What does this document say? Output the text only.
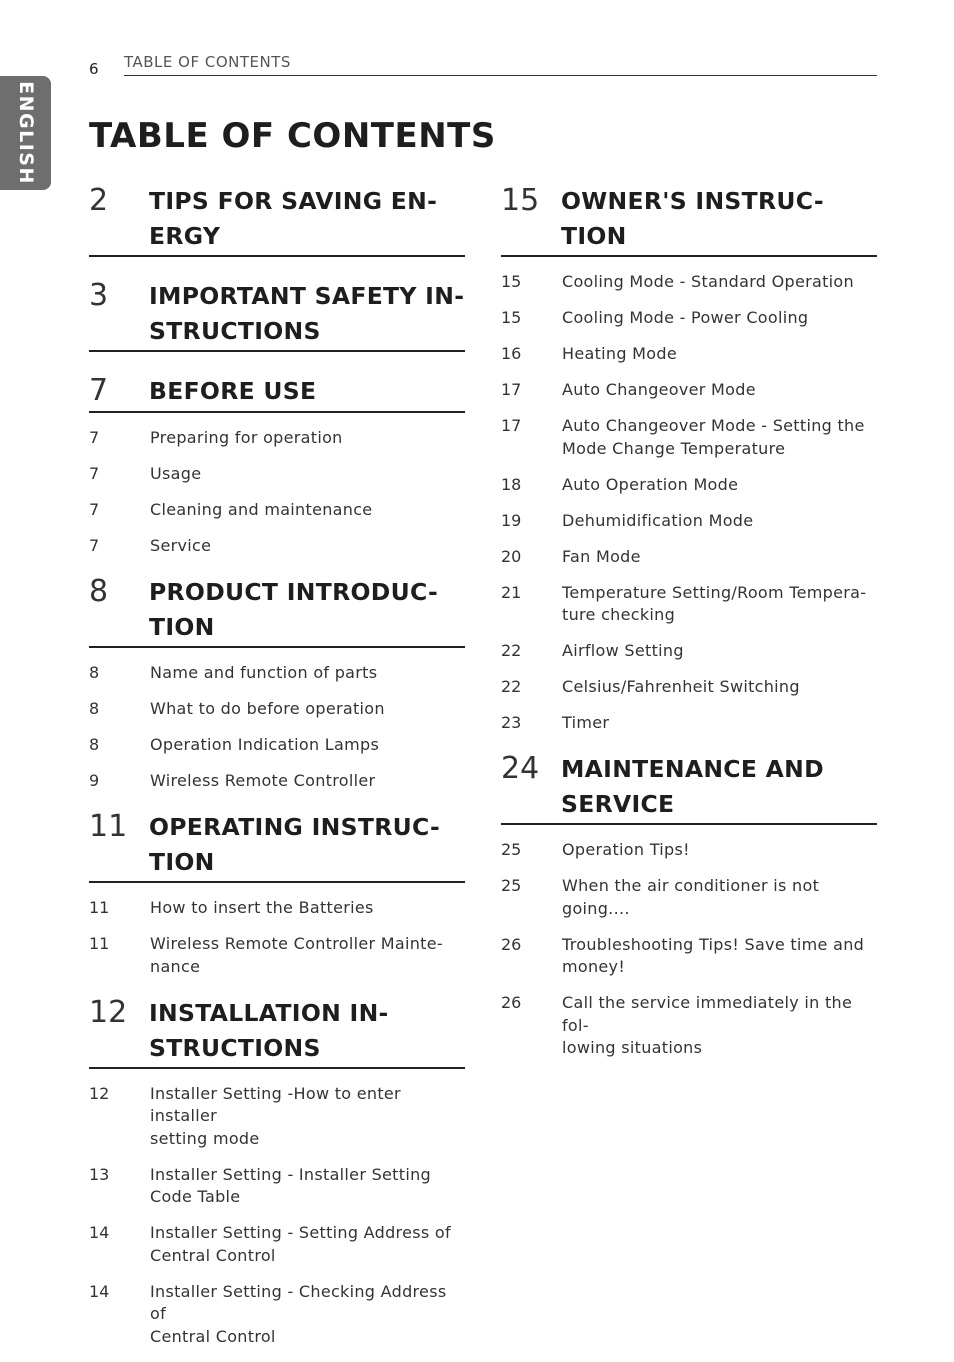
ENGLISH
6 TABLE OF CONTENTS
TABLE OF CONTENTS
2	TIPS FOR SAVING EN-
ERGY
3	IMPORTANT SAFETY IN-
STRUCTIONS
7	BEFORE USE
7	Preparing for operation
7	Usage
7	Cleaning and maintenance
7	Service
8	PRODUCT INTRODUC-
TION
8	Name and function of parts
8	What to do before operation
8	Operation Indication Lamps
9	Wireless Remote Controller
11 OPERATING INSTRUC-
TION
11	How to insert the Batteries
11	Wireless Remote Controller Mainte-
nance
12 INSTALLATION IN-
STRUCTIONS
12	Installer Setting -How to enter installer
setting mode
13	Installer Setting - Installer Setting
Code Table
14	Installer Setting - Setting Address of
Central Control
14	Installer Setting - Checking Address of
Central Control
15 OWNER'S INSTRUC-
TION
15	Cooling Mode - Standard Operation
15	Cooling Mode - Power Cooling
16	Heating Mode
17	Auto Changeover Mode
17	Auto Changeover Mode - Setting the
Mode Change Temperature
18	Auto Operation Mode
19	Dehumidification Mode
20	Fan Mode
21	Temperature Setting/Room Tempera-
ture checking
22	Airflow Setting
22	Celsius/Fahrenheit Switching
23	Timer
24 MAINTENANCE AND
SERVICE
25	Operation Tips!
25	When the air conditioner is not
going....
26	Troubleshooting Tips! Save time and
money!
26	Call the service immediately in the fol-
lowing situations
